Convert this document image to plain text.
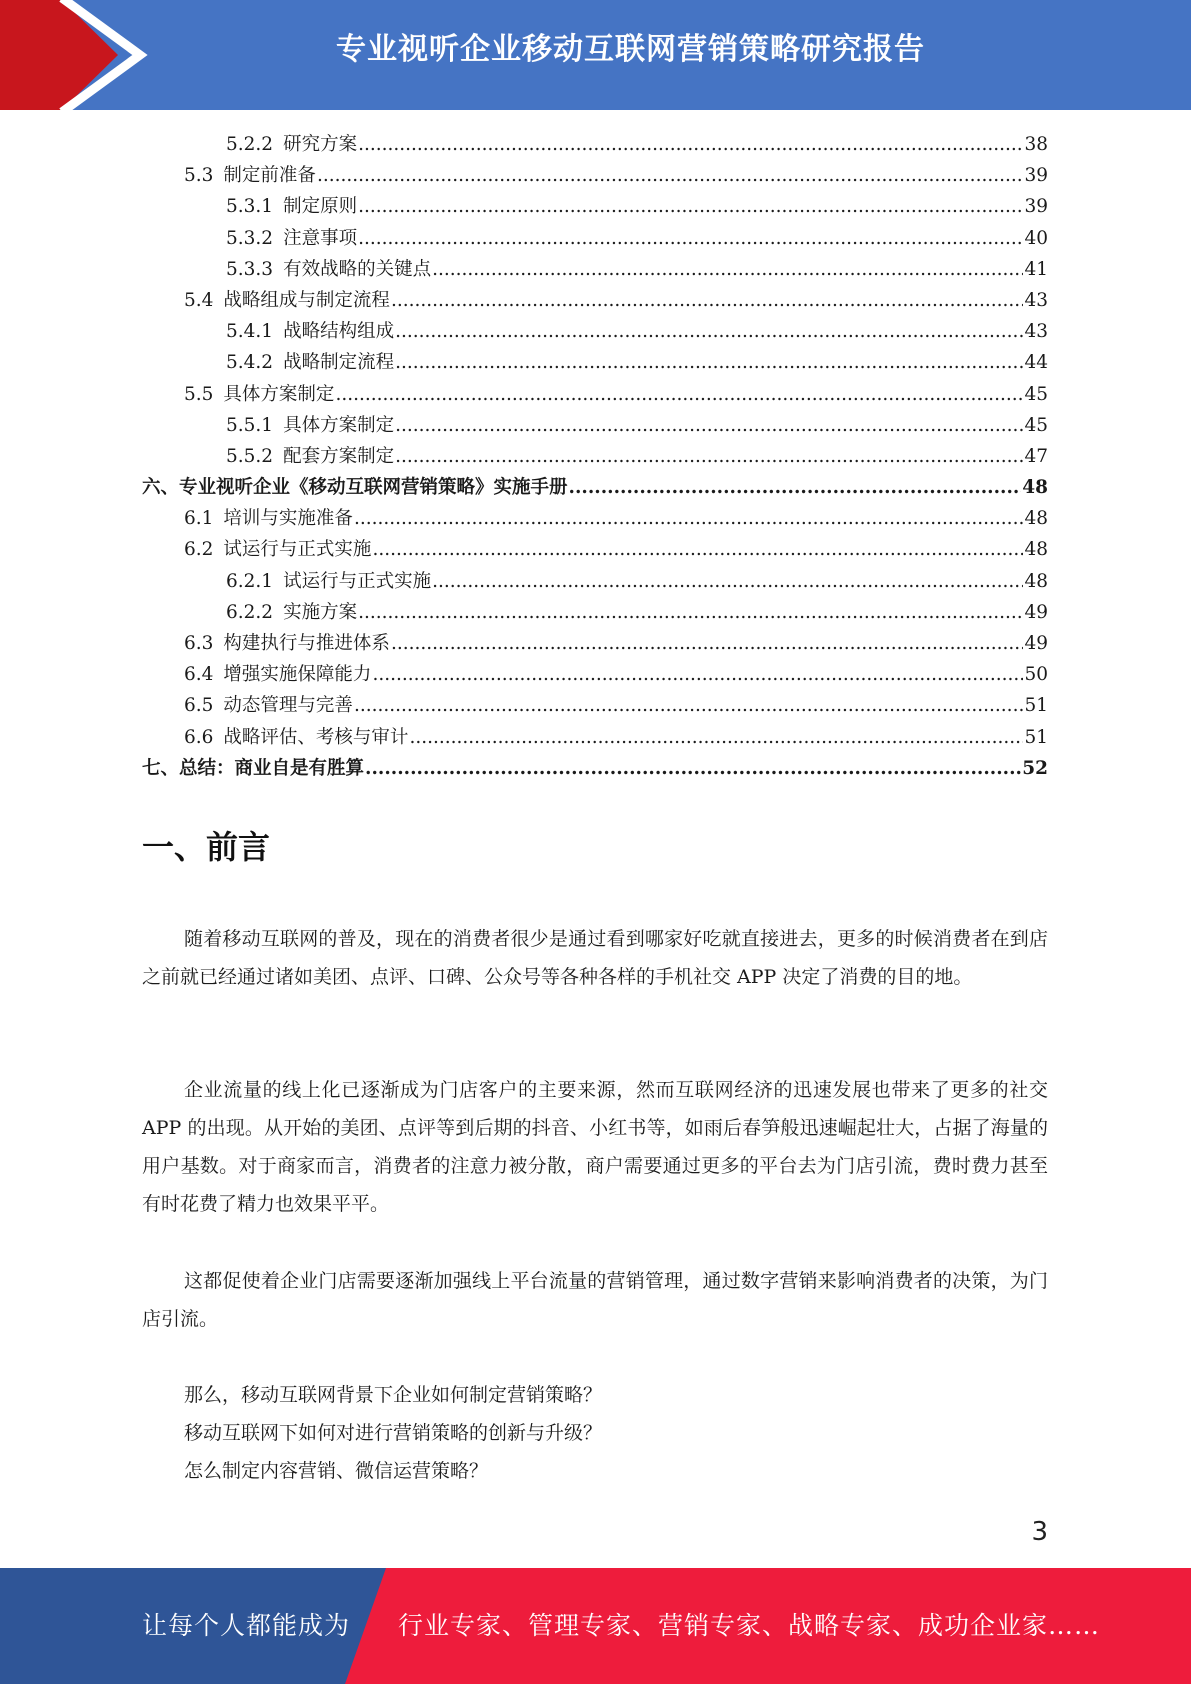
专业视听企业移动互联网营销策略研究报告
5.2.2 研究方案 .....	38
5.3 制定前准备 .....	39
5.3.1 制定原则 .....	39
5.3.2 注意事项 .....	40
5.3.3 有效战略的关键点 .....	41
5.4 战略组成与制定流程 .....	43
5.4.1 战略结构组成 .....	43
5.4.2 战略制定流程 .....	44
5.5 具体方案制定 .....	45
5.5.1 具体方案制定 .....	45
5.5.2 配套方案制定 .....	47
六、专业视听企业《移动互联网营销策略》实施手册 .....	48
6.1 培训与实施准备 .....	48
6.2 试运行与正式实施 .....	48
6.2.1 试运行与正式实施 .....	48
6.2.2 实施方案 .....	49
6.3 构建执行与推进体系 .....	49
6.4 增强实施保障能力 .....	50
6.5 动态管理与完善 .....	51
6.6 战略评估、考核与审计 .....	51
七、总结：商业自是有胜算 .....	52
一、前言

随着移动互联网的普及，现在的消费者很少是通过看到哪家好吃就直接进去，更多的时候消费者在到店之前就已经通过诸如美团、点评、口碑、公众号等各种各样的手机社交 APP 决定了消费的目的地。

企业流量的线上化已逐渐成为门店客户的主要来源，然而互联网经济的迅速发展也带来了更多的社交 APP 的出现。从开始的美团、点评等到后期的抖音、小红书等，如雨后春笋般迅速崛起壮大，占据了海量的用户基数。对于商家而言，消费者的注意力被分散，商户需要通过更多的平台去为门店引流，费时费力甚至有时花费了精力也效果平平。

这都促使着企业门店需要逐渐加强线上平台流量的营销管理，通过数字营销来影响消费者的决策，为门店引流。

那么，移动互联网背景下企业如何制定营销策略？
移动互联网下如何对进行营销策略的创新与升级？
怎么制定内容营销、微信运营策略？
3
让每个人都能成为 行业专家、管理专家、营销专家、战略专家、成功企业家……
